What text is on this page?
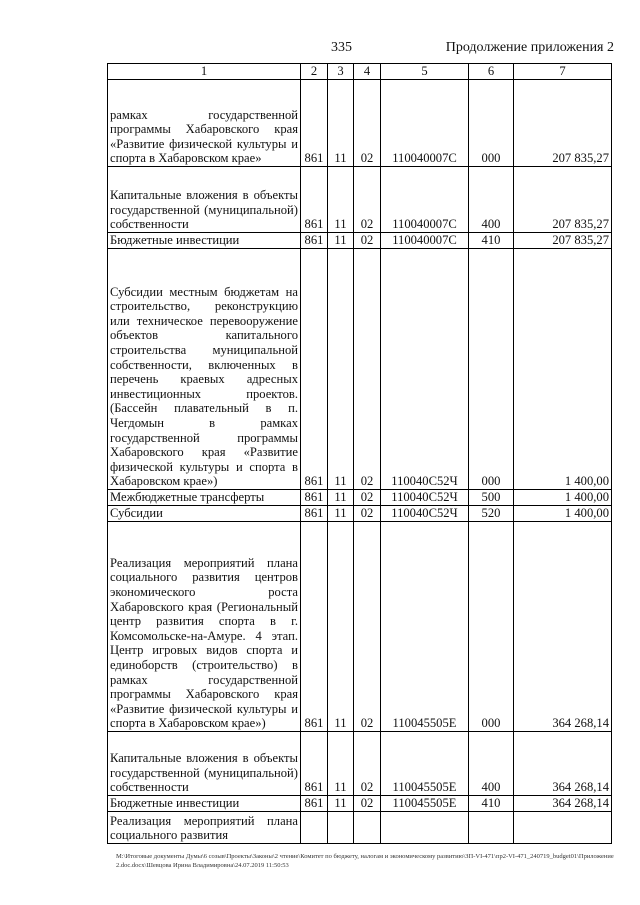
335	Продолжение приложения 2
1	2	3	4	5	6	7
рамках государственной программы Хабаровского края «Развитие физической культуры и спорта в Хабаровском крае»	861	11	02	110040007С	000	207 835,27
Капитальные вложения в объекты государственной (муниципальной) собственности	861	11	02	110040007С	400	207 835,27
Бюджетные инвестиции	861	11	02	110040007С	410	207 835,27
Субсидии местным бюджетам на строительство, реконструкцию или техническое перевооружение объектов капитального строительства муниципальной собственности, включенных в перечень краевых адресных инвестиционных проектов. (Бассейн плавательный в п. Чегдомын в рамках государственной программы Хабаровского края «Развитие физической культуры и спорта в Хабаровском крае»)	861	11	02	110040С52Ч	000	1 400,00
Межбюджетные трансферты	861	11	02	110040С52Ч	500	1 400,00
Субсидии	861	11	02	110040С52Ч	520	1 400,00
Реализация мероприятий плана социального развития центров экономического роста Хабаровского края (Региональный центр развития спорта в г. Комсомольске-на-Амуре. 4 этап. Центр игровых видов спорта и единоборств (строительство) в рамках государственной программы Хабаровского края «Развитие физической культуры и спорта в Хабаровском крае»)	861	11	02	110045505Е	000	364 268,14
Капитальные вложения в объекты государственной (муниципальной) собственности	861	11	02	110045505Е	400	364 268,14
Бюджетные инвестиции	861	11	02	110045505Е	410	364 268,14
Реализация мероприятий плана социального развития						
М:\Итоговые документы Думы\6 созыв\Проекты\Законы\2 чтение\Комитет по бюджету, налогам и экономическому развитию\ЗП-VI-471\пр2-VI-471_240719_budget01\Приложение 2.doc.docx\Шевцова Ирина Владимировна\24.07.2019 11:50:53
